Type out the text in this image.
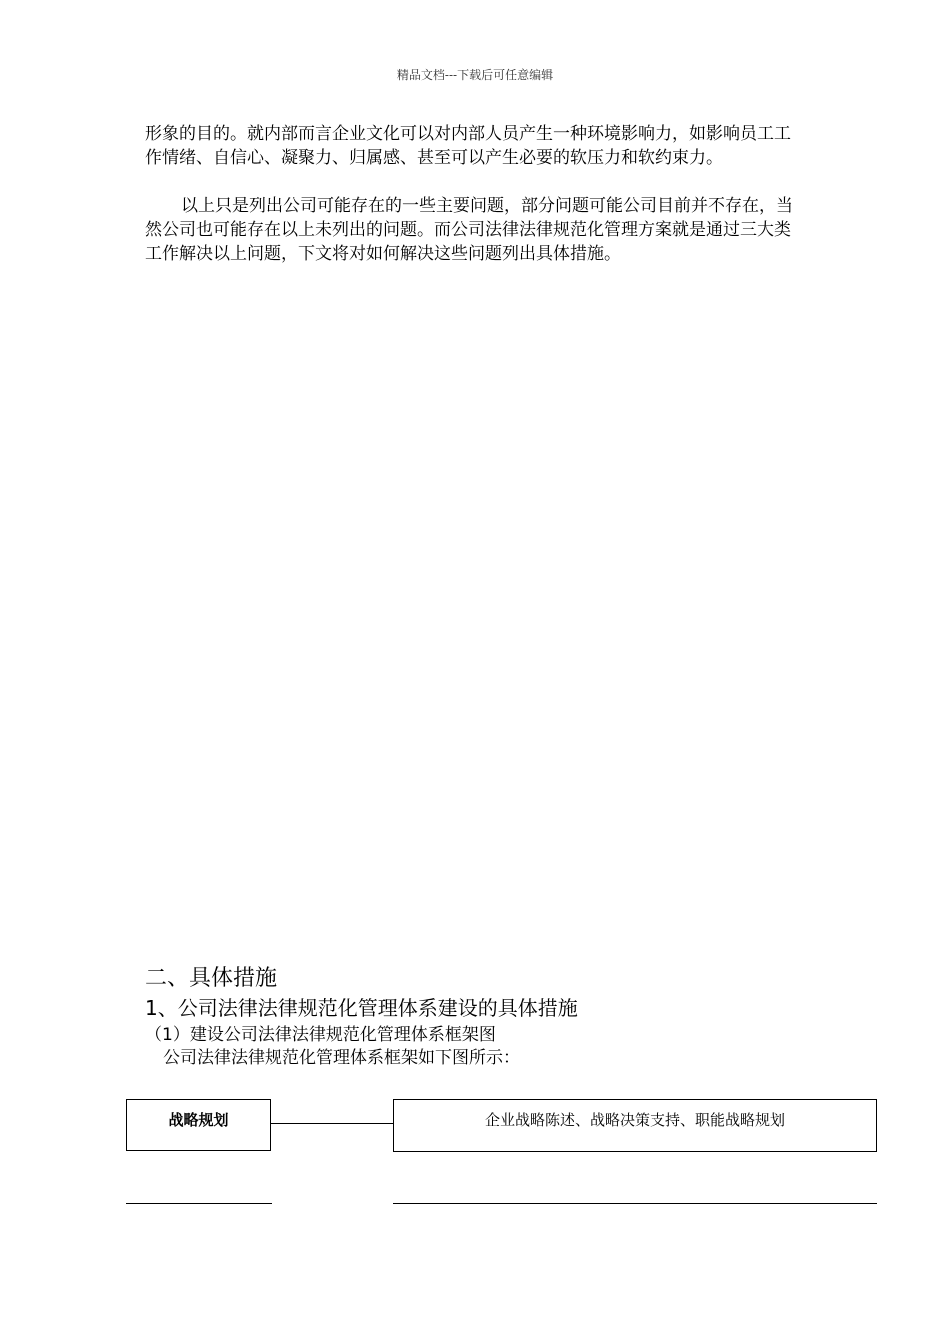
精品文档---下载后可任意编辑

形象的目的。就内部而言企业文化可以对内部人员产生一种环境影响力，如影响员工工作情绪、自信心、凝聚力、归属感、甚至可以产生必要的软压力和软约束力。

以上只是列出公司可能存在的一些主要问题，部分问题可能公司目前并不存在，当然公司也可能存在以上未列出的问题。而公司法律法律规范化管理方案就是通过三大类工作解决以上问题，下文将对如何解决这些问题列出具体措施。

二、具体措施
1、公司法律法律规范化管理体系建设的具体措施
（1）建设公司法律法律规范化管理体系框架图
公司法律法律规范化管理体系框架如下图所示：
战略规划	企业战略陈述、战略决策支持、职能战略规划
